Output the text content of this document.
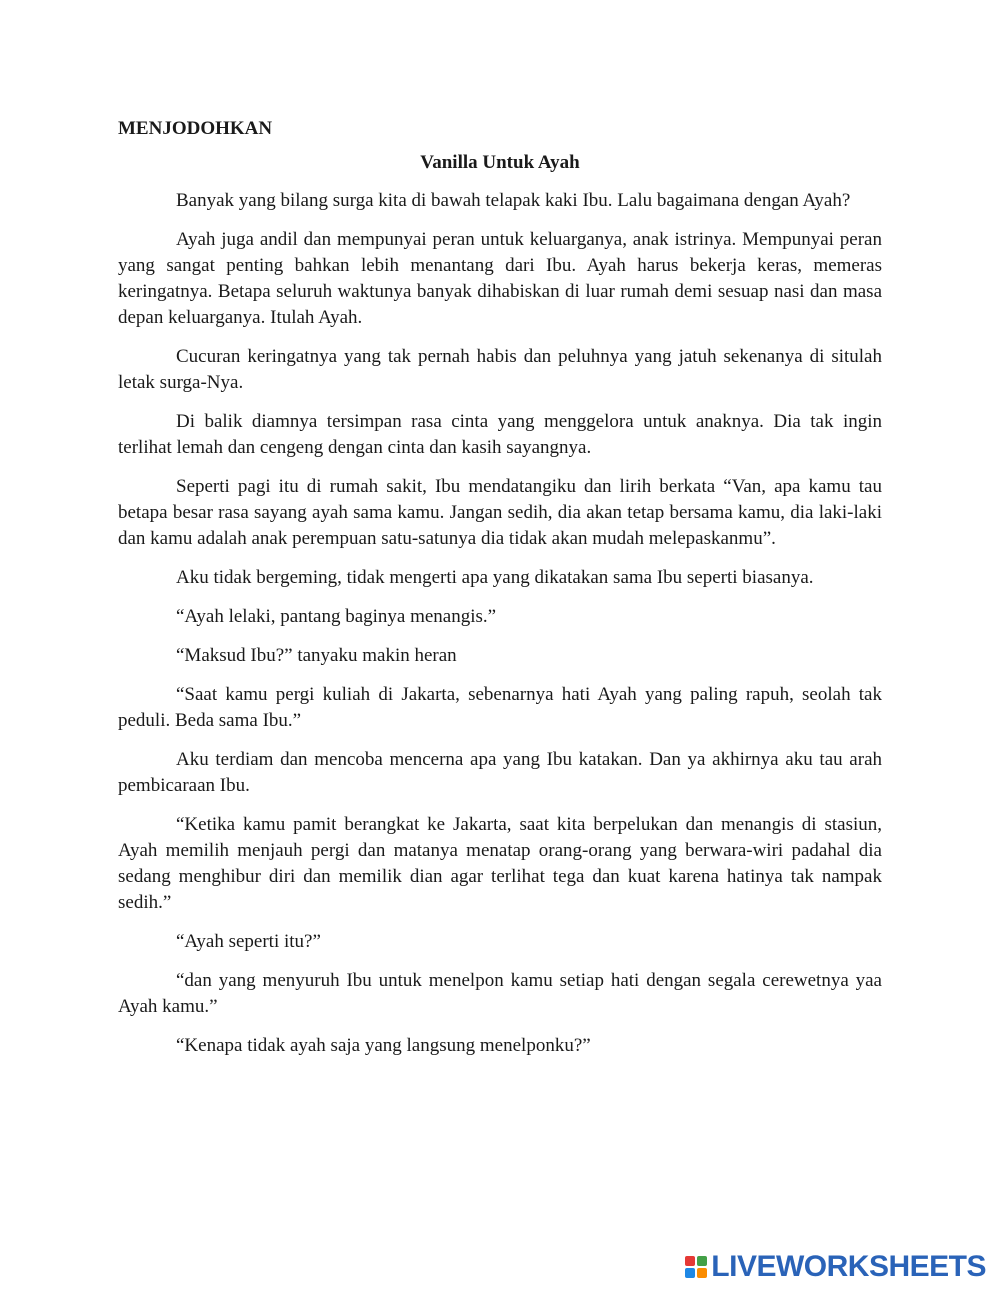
MENJODOHKAN
Vanilla Untuk Ayah

Banyak yang bilang surga kita di bawah telapak kaki Ibu. Lalu bagaimana dengan Ayah?

Ayah juga andil dan mempunyai peran untuk keluarganya, anak istrinya. Mempunyai peran yang sangat penting bahkan lebih menantang dari Ibu. Ayah harus bekerja keras, memeras keringatnya. Betapa seluruh waktunya banyak dihabiskan di luar rumah demi sesuap nasi dan masa depan keluarganya. Itulah Ayah.

Cucuran keringatnya yang tak pernah habis dan peluhnya yang jatuh sekenanya di situlah letak surga-Nya.

Di balik diamnya tersimpan rasa cinta yang menggelora untuk anaknya. Dia tak ingin terlihat lemah dan cengeng dengan cinta dan kasih sayangnya.

Seperti pagi itu di rumah sakit, Ibu mendatangiku dan lirih berkata “Van, apa kamu tau betapa besar rasa sayang ayah sama kamu. Jangan sedih, dia akan tetap bersama kamu, dia laki-laki dan kamu adalah anak perempuan satu-satunya dia tidak akan mudah melepaskanmu”.

Aku tidak bergeming, tidak mengerti apa yang dikatakan sama Ibu seperti biasanya.

“Ayah lelaki, pantang baginya menangis.”

“Maksud Ibu?” tanyaku makin heran

“Saat kamu pergi kuliah di Jakarta, sebenarnya hati Ayah yang paling rapuh, seolah tak peduli. Beda sama Ibu.”

Aku terdiam dan mencoba mencerna apa yang Ibu katakan. Dan ya akhirnya aku tau arah pembicaraan Ibu.

“Ketika kamu pamit berangkat ke Jakarta, saat kita berpelukan dan menangis di stasiun, Ayah memilih menjauh pergi dan matanya menatap orang-orang yang berwara-wiri padahal dia sedang menghibur diri dan memilik dian agar terlihat tega dan kuat karena hatinya tak nampak sedih.”

“Ayah seperti itu?”

“dan yang menyuruh Ibu untuk menelpon kamu setiap hati dengan segala cerewetnya yaa Ayah kamu.”

“Kenapa tidak ayah saja yang langsung menelponku?”

LIVEWORKSHEETS
